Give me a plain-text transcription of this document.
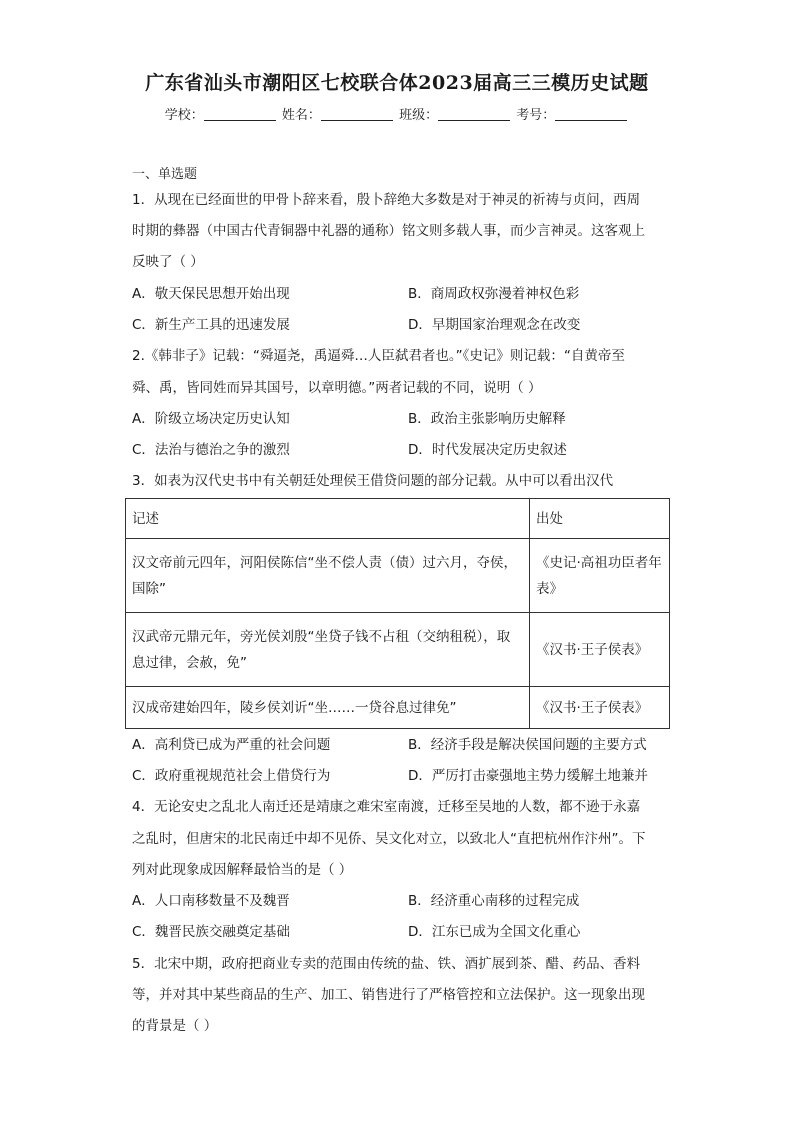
广东省汕头市潮阳区七校联合体2023届高三三模历史试题
学校：	姓名：	班级：	考号：
一、单选题
1．从现在已经面世的甲骨卜辞来看，殷卜辞绝大多数是对于神灵的祈祷与贞问，西周
时期的彝器（中国古代青铜器中礼器的通称）铭文则多载人事，而少言神灵。这客观上
反映了（ ）
A．敬天保民思想开始出现	B．商周政权弥漫着神权色彩
C．新生产工具的迅速发展	D．早期国家治理观念在改变
2.《韩非子》记载：“舜逼尧，禹逼舜…人臣弑君者也。”《史记》则记载：“自黄帝至
舜、禹，皆同姓而异其国号，以章明德。”两者记载的不同，说明（ ）
A．阶级立场决定历史认知	B．政治主张影响历史解释
C．法治与德治之争的激烈	D．时代发展决定历史叙述
3．如表为汉代史书中有关朝廷处理侯王借贷问题的部分记载。从中可以看出汉代
记述	出处
汉文帝前元四年，河阳侯陈信“坐不偿人责（债）过六月，夺侯，国除”	《史记·高祖功臣者年表》
汉武帝元鼎元年，旁光侯刘殷“坐贷子钱不占租（交纳租税），取息过律，会赦，免”	《汉书·王子侯表》
汉成帝建始四年，陵乡侯刘䜣“坐……一贷谷息过律免”	《汉书·王子侯表》
A．高利贷已成为严重的社会问题	B．经济手段是解决侯国问题的主要方式
C．政府重视规范社会上借贷行为	D．严厉打击豪强地主势力缓解土地兼并
4．无论安史之乱北人南迁还是靖康之难宋室南渡，迁移至吴地的人数，都不逊于永嘉
之乱时，但唐宋的北民南迁中却不见侨、吴文化对立，以致北人“直把杭州作汴州”。下
列对此现象成因解释最恰当的是（ ）
A．人口南移数量不及魏晋	B．经济重心南移的过程完成
C．魏晋民族交融奠定基础	D．江东已成为全国文化重心
5．北宋中期，政府把商业专卖的范围由传统的盐、铁、酒扩展到茶、醋、药品、香料
等，并对其中某些商品的生产、加工、销售进行了严格管控和立法保护。这一现象出现
的背景是（ ）
